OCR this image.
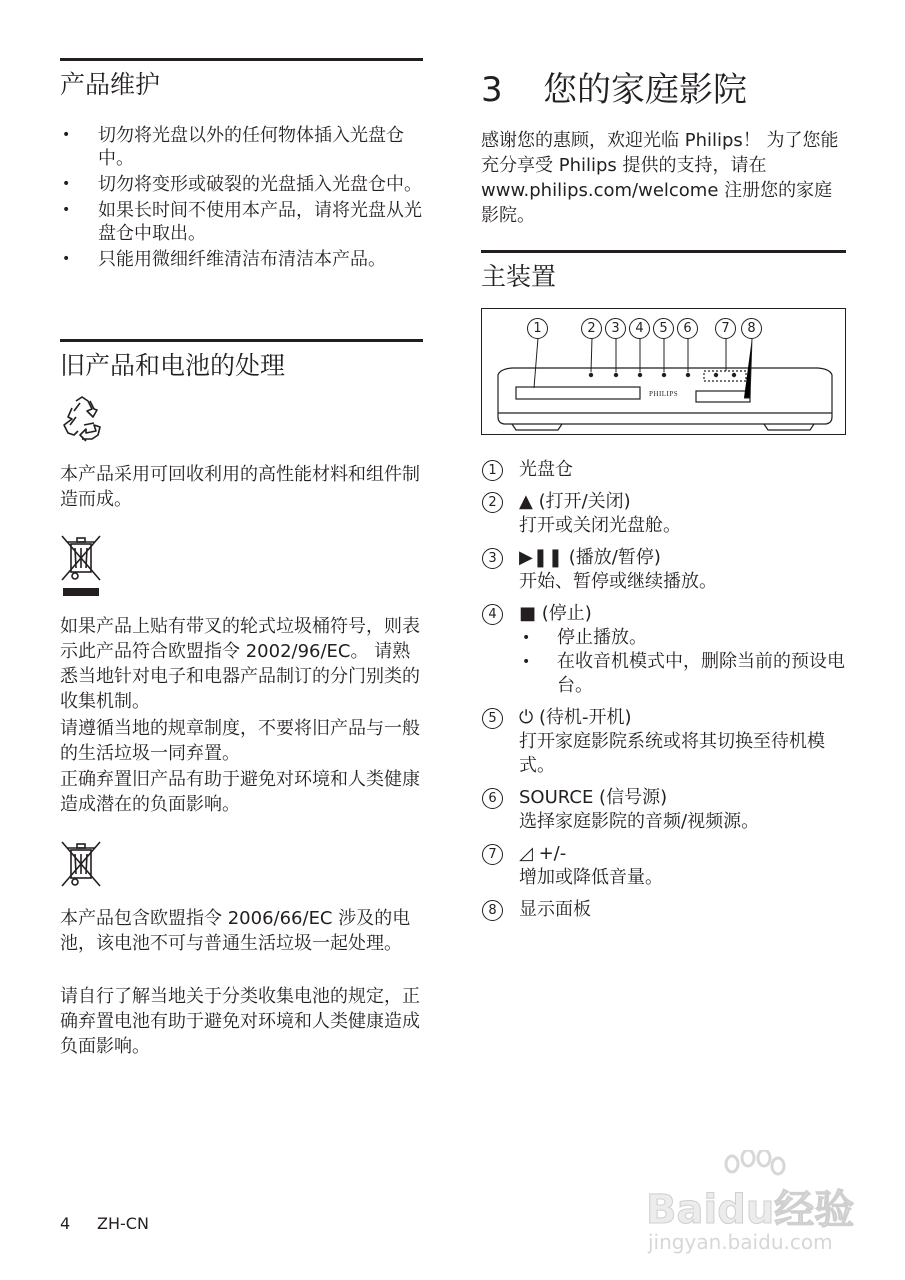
产品维护
• 切勿将光盘以外的任何物体插入光盘仓中。
• 切勿将变形或破裂的光盘插入光盘仓中。
• 如果长时间不使用本产品，请将光盘从光盘仓中取出。
• 只能用微细纤维清洁布清洁本产品。
旧产品和电池的处理

本产品采用可回收利用的高性能材料和组件制造而成。

如果产品上贴有带叉的轮式垃圾桶符号，则表示此产品符合欧盟指令 2002/96/EC。 请熟悉当地针对电子和电器产品制订的分门别类的收集机制。

请遵循当地的规章制度，不要将旧产品与一般的生活垃圾一同弃置。

正确弃置旧产品有助于避免对环境和人类健康造成潜在的负面影响。

本产品包含欧盟指令 2006/66/EC 涉及的电池，该电池不可与普通生活垃圾一起处理。

请自行了解当地关于分类收集电池的规定，正确弃置电池有助于避免对环境和人类健康造成负面影响。

3 您的家庭影院

感谢您的惠顾，欢迎光临 Philips！ 为了您能充分享受 Philips 提供的支持，请在 www.philips.com/welcome 注册您的家庭影院。

主装置
PHILIPS
1	2	3	4	5	6	7	8
1	光盘仓
2	▲ (打开/关闭)

打开或关闭光盘舱。

3	▶❚❚ (播放/暂停)

开始、暂停或继续播放。

4	■ (停止)
• 停止播放。
• 在收音机模式中，删除当前的预设电台。
5	⏻ (待机-开机)

打开家庭影院系统或将其切换至待机模式。

6	SOURCE (信号源)

选择家庭影院的音频/视频源。

7	◿ +/-

增加或降低音量。

8	显示面板
4 ZH-CN	Baidu经验
jingyan.baidu.com
